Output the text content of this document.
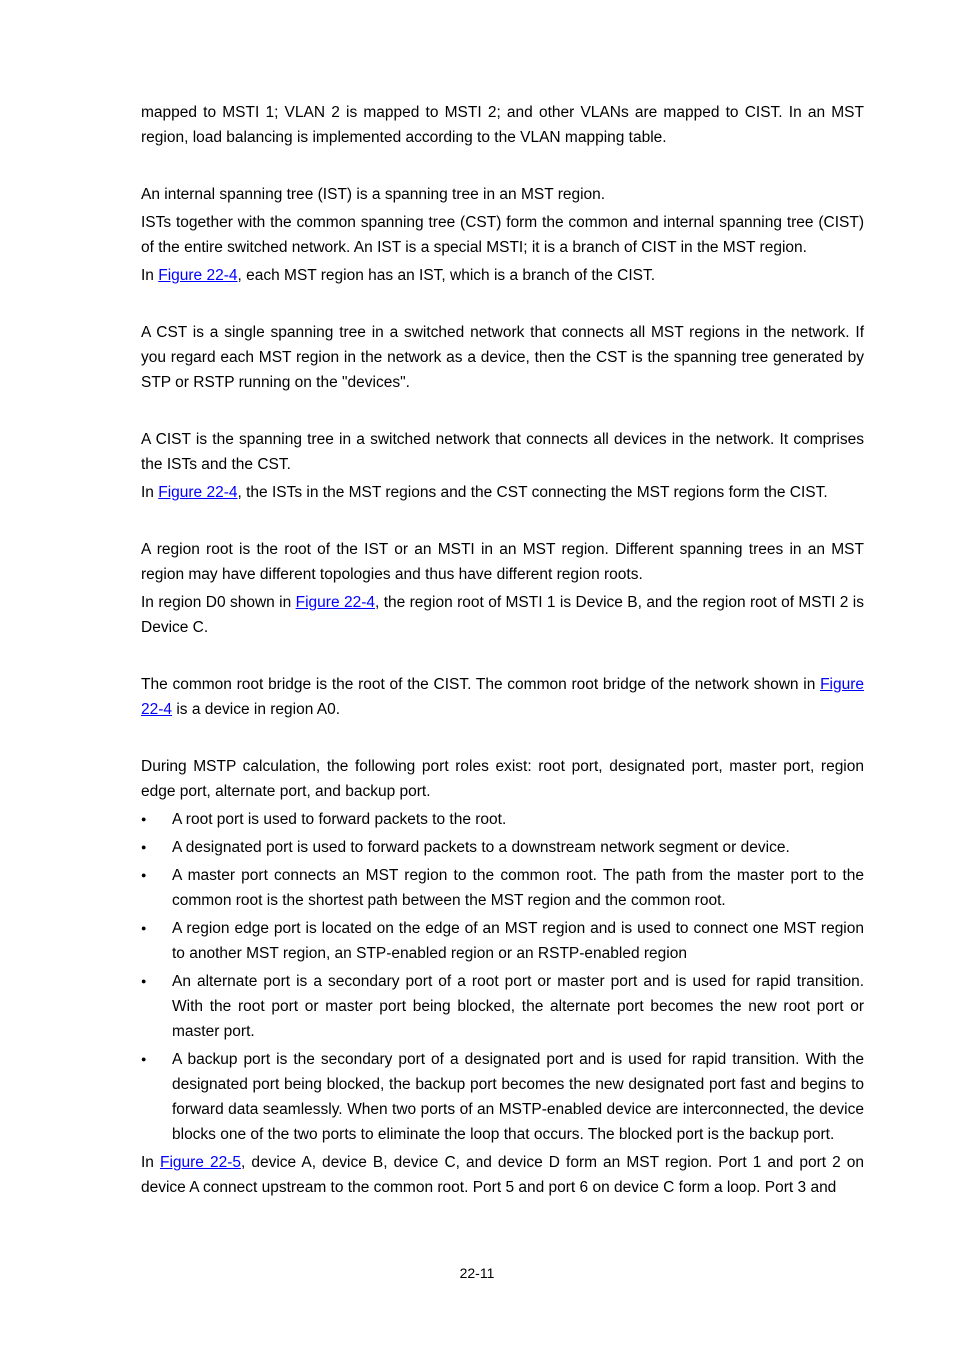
mapped to MSTI 1; VLAN 2 is mapped to MSTI 2; and other VLANs are mapped to CIST. In an MST region, load balancing is implemented according to the VLAN mapping table.

An internal spanning tree (IST) is a spanning tree in an MST region.

ISTs together with the common spanning tree (CST) form the common and internal spanning tree (CIST) of the entire switched network. An IST is a special MSTI; it is a branch of CIST in the MST region.

In Figure 22-4, each MST region has an IST, which is a branch of the CIST.

A CST is a single spanning tree in a switched network that connects all MST regions in the network. If you regard each MST region in the network as a device, then the CST is the spanning tree generated by STP or RSTP running on the "devices".

A CIST is the spanning tree in a switched network that connects all devices in the network. It comprises the ISTs and the CST.

In Figure 22-4, the ISTs in the MST regions and the CST connecting the MST regions form the CIST.

A region root is the root of the IST or an MSTI in an MST region. Different spanning trees in an MST region may have different topologies and thus have different region roots.

In region D0 shown in Figure 22-4, the region root of MSTI 1 is Device B, and the region root of MSTI 2 is Device C.

The common root bridge is the root of the CIST. The common root bridge of the network shown in Figure 22-4 is a device in region A0.

During MSTP calculation, the following port roles exist: root port, designated port, master port, region edge port, alternate port, and backup port.

● A root port is used to forward packets to the root.
● A designated port is used to forward packets to a downstream network segment or device.
● A master port connects an MST region to the common root. The path from the master port to the common root is the shortest path between the MST region and the common root.
● A region edge port is located on the edge of an MST region and is used to connect one MST region to another MST region, an STP-enabled region or an RSTP-enabled region
● An alternate port is a secondary port of a root port or master port and is used for rapid transition. With the root port or master port being blocked, the alternate port becomes the new root port or master port.
● A backup port is the secondary port of a designated port and is used for rapid transition. With the designated port being blocked, the backup port becomes the new designated port fast and begins to forward data seamlessly. When two ports of an MSTP-enabled device are interconnected, the device blocks one of the two ports to eliminate the loop that occurs. The blocked port is the backup port.

In Figure 22-5, device A, device B, device C, and device D form an MST region. Port 1 and port 2 on device A connect upstream to the common root. Port 5 and port 6 on device C form a loop. Port 3 and

22-11
